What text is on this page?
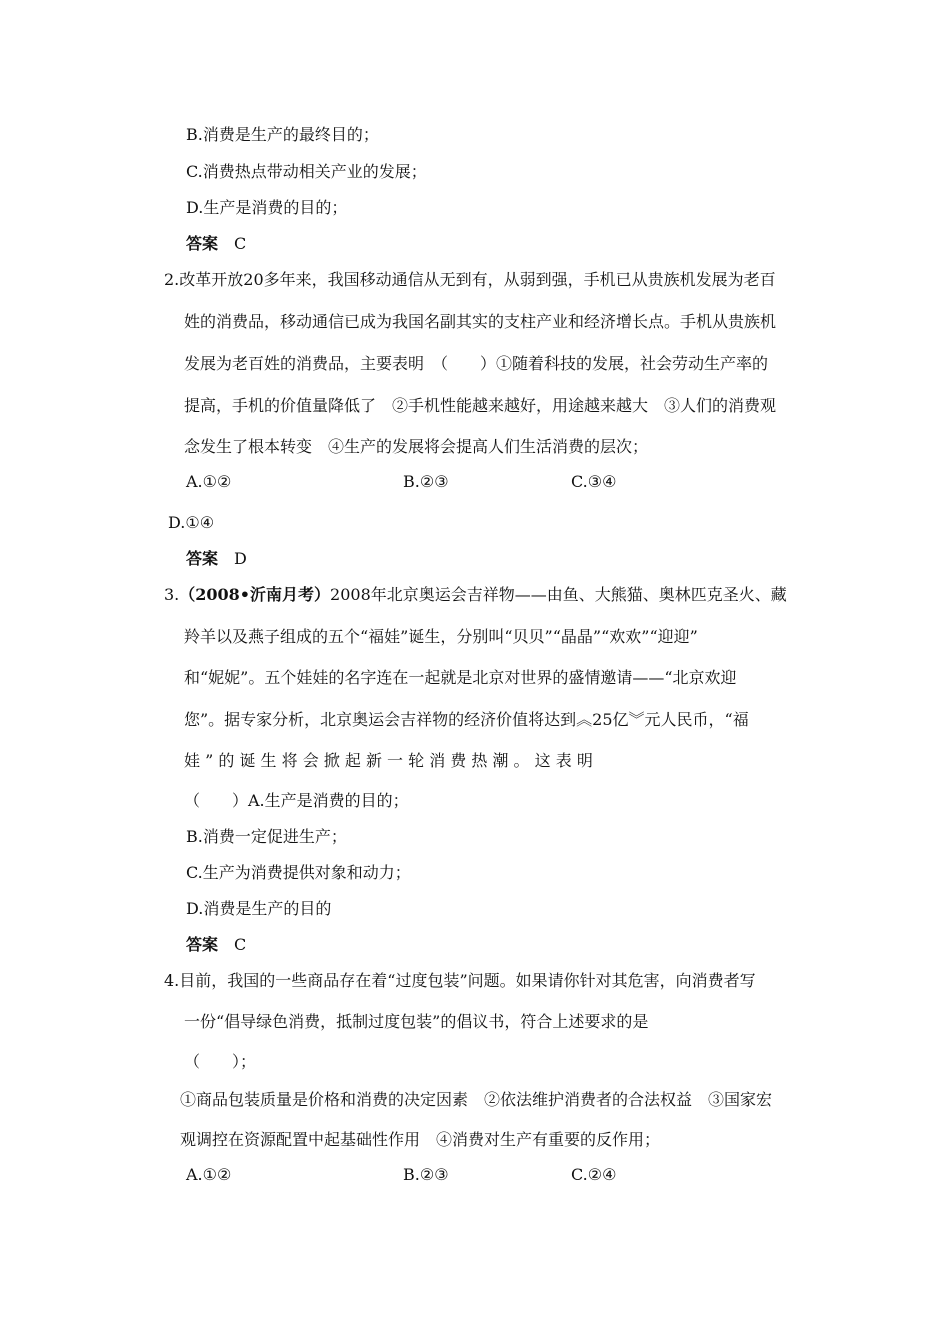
B.消费是生产的最终目的；
C.消费热点带动相关产业的发展；
D.生产是消费的目的；
答案 C
2.改革开放20多年来，我国移动通信从无到有，从弱到强，手机已从贵族机发展为老百
姓的消费品，移动通信已成为我国名副其实的支柱产业和经济增长点。手机从贵族机
发展为老百姓的消费品，主要表明　（　　）①随着科技的发展，社会劳动生产率的
提高，手机的价值量降低了　②手机性能越来越好，用途越来越大　③人们的消费观
念发生了根本转变　④生产的发展将会提高人们生活消费的层次；
A.①②	B.②③	C.③④
D.①④
答案 D
3.（2008•沂南月考）2008年北京奥运会吉祥物——由鱼、大熊猫、奥林匹克圣火、藏
羚羊以及燕子组成的五个“福娃”诞生，分别叫“贝贝”“晶晶”“欢欢”“迎迎”
和“妮妮”。五个娃娃的名字连在一起就是北京对世界的盛情邀请——“北京欢迎
您”。据专家分析，北京奥运会吉祥物的经济价值将达到︽25亿︾元人民币，“福
娃 ” 的 诞 生 将 会 掀 起 新 一 轮 消 费 热 潮 。 这 表 明
（　　）A.生产是消费的目的；
B.消费一定促进生产；
C.生产为消费提供对象和动力；
D.消费是生产的目的
答案 C
4.目前，我国的一些商品存在着“过度包装”问题。如果请你针对其危害，向消费者写
一份“倡导绿色消费，抵制过度包装”的倡议书，符合上述要求的是
（　　）；
①商品包装质量是价格和消费的决定因素　②依法维护消费者的合法权益　③国家宏
观调控在资源配置中起基础性作用　④消费对生产有重要的反作用；
A.①②	B.②③	C.②④
